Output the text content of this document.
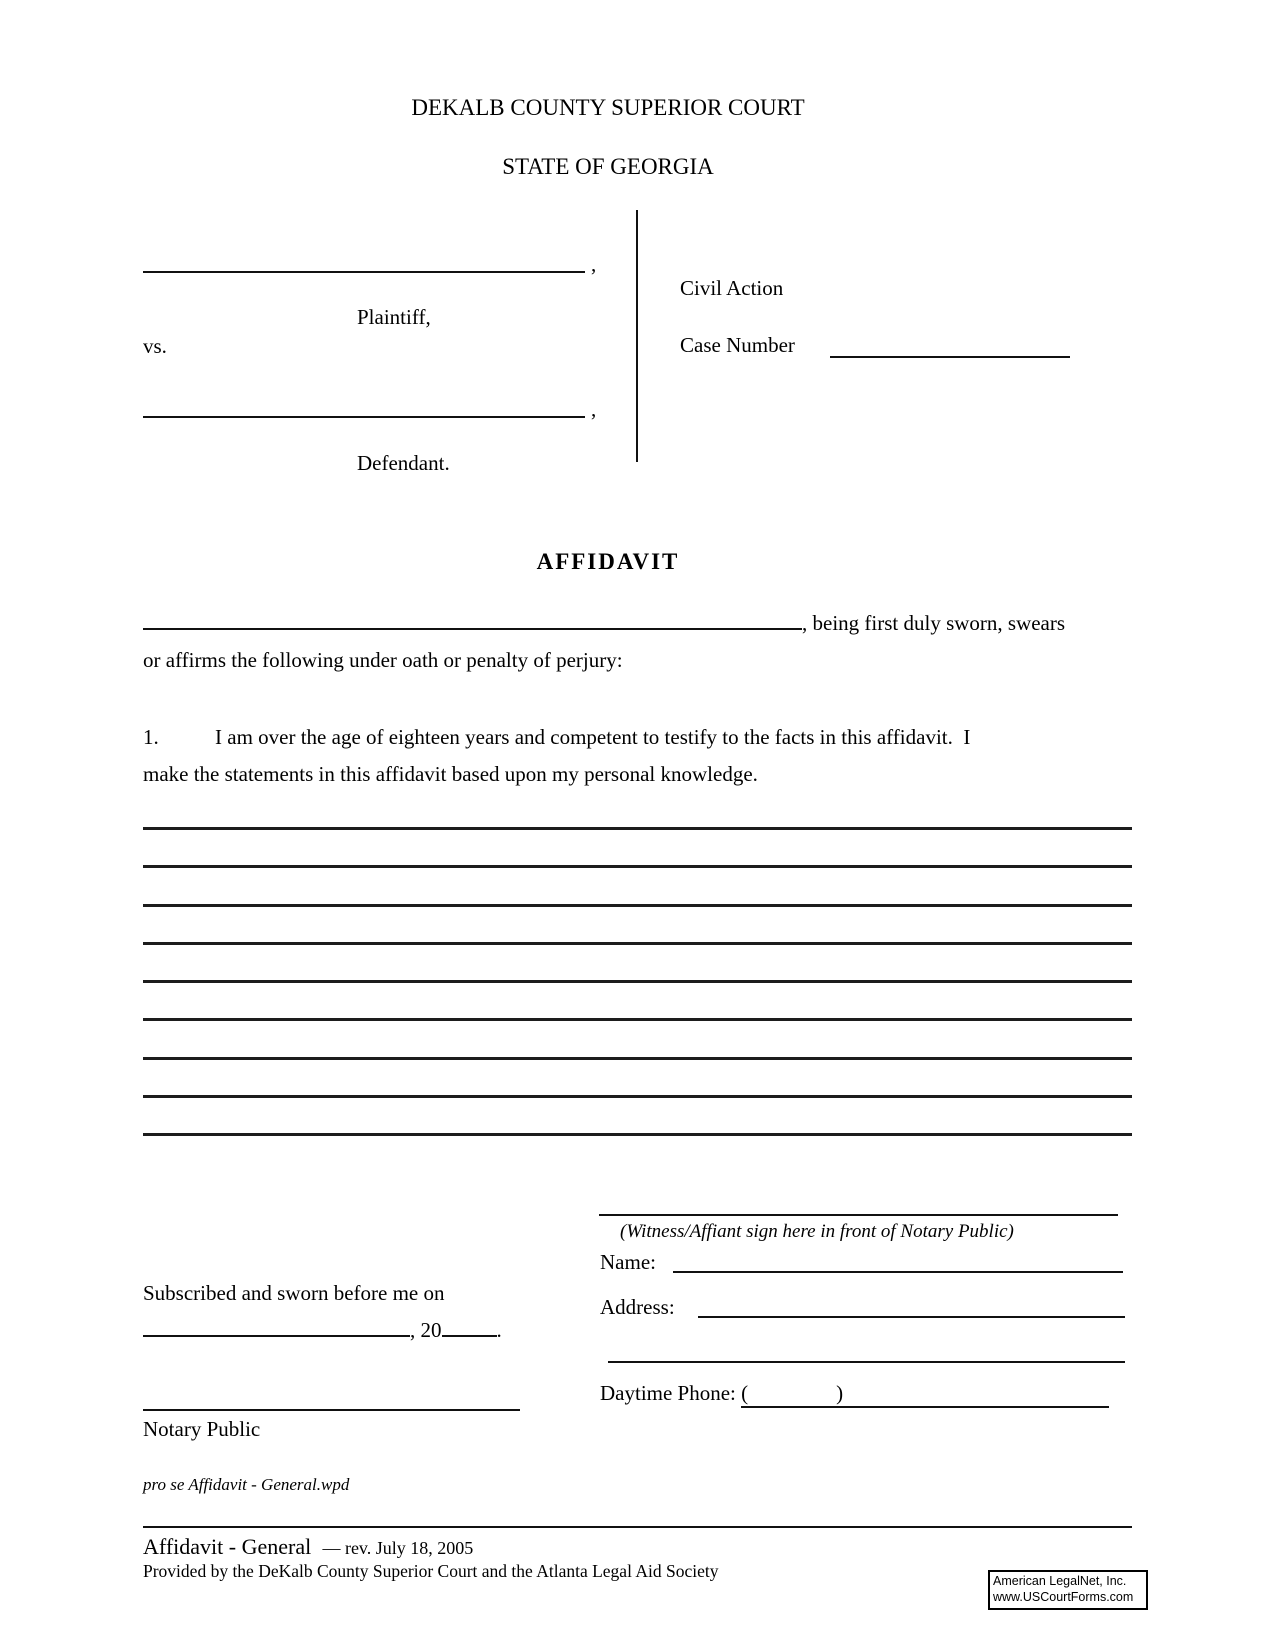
DEKALB COUNTY SUPERIOR COURT
STATE OF GEORGIA
,
Plaintiff,
vs.
,
Defendant.
Civil Action
Case Number
AFFIDAVIT
, being first duly sworn, swears
or affirms the following under oath or penalty of perjury:
1.	I am over the age of eighteen years and competent to testify to the facts in this affidavit.  I
make the statements in this affidavit based upon my personal knowledge.
(Witness/Affiant sign here in front of Notary Public)
Name:
Address:
Daytime Phone: (	)
Subscribed and sworn before me on
, 20	.
Notary Public
pro se Affidavit - General.wpd
Affidavit - General — rev. July 18, 2005
Provided by the DeKalb County Superior Court and the Atlanta Legal Aid Society	American LegalNet, Inc.
www.USCourtForms.com
